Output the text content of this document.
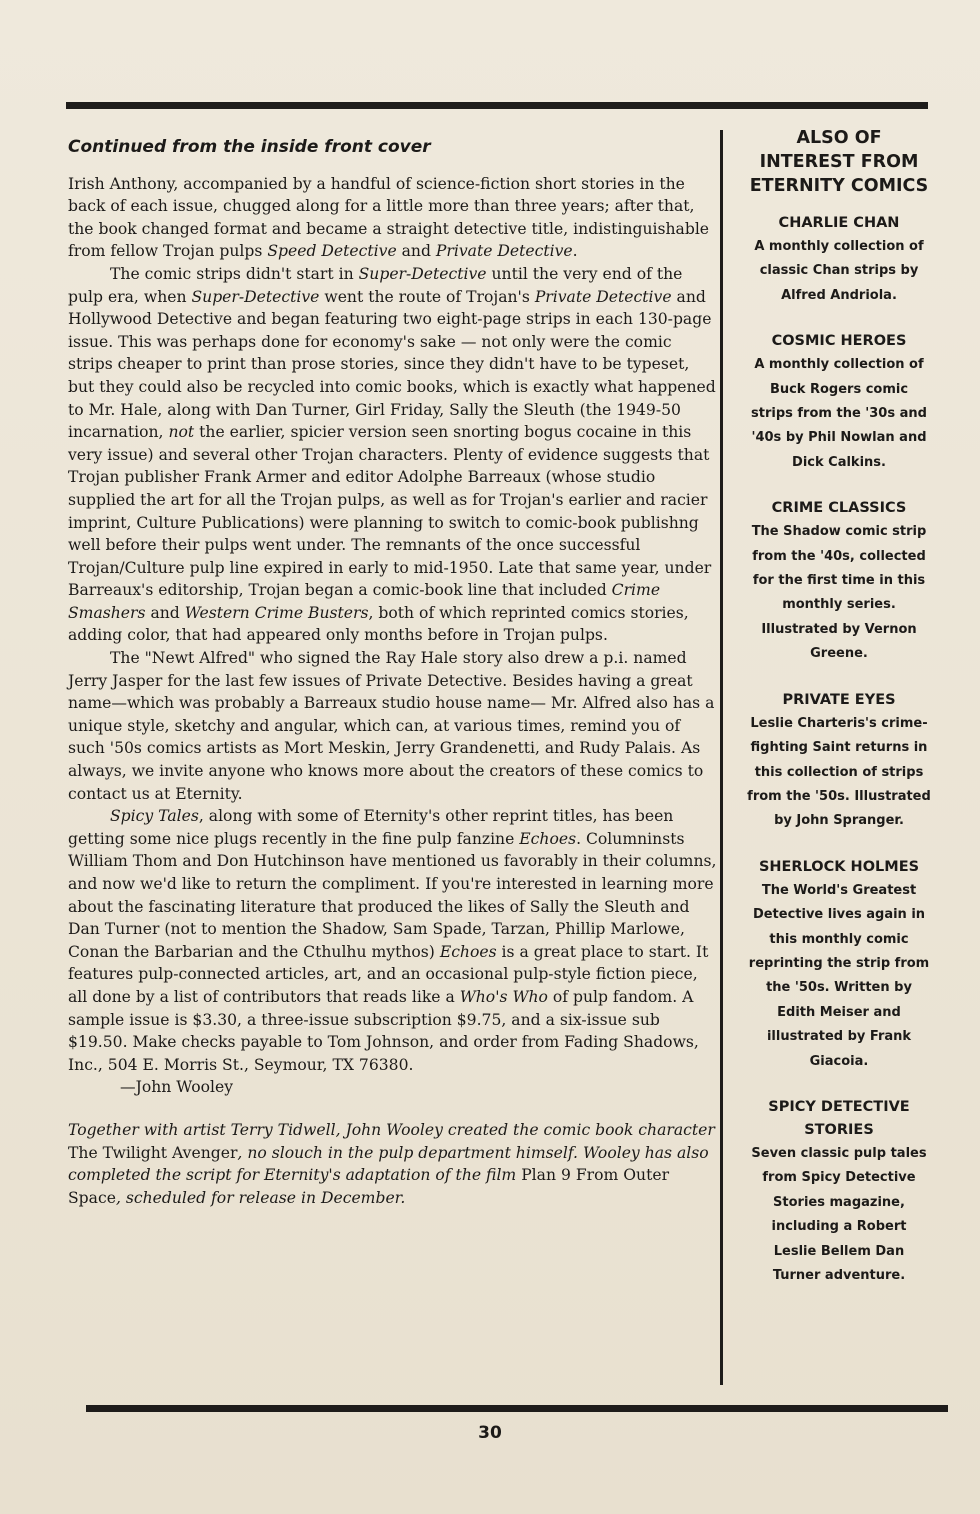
Continued from the inside front cover

Irish Anthony, accompanied by a handful of science-fiction short stories in the back of each issue, chugged along for a little more than three years; after that, the book changed format and became a straight detective title, indistinguishable from fellow Trojan pulps Speed Detective and Private Detective.

The comic strips didn't start in Super-Detective until the very end of the pulp era, when Super-Detective went the route of Trojan's Private Detective and Hollywood Detective and began featuring two eight-page strips in each 130-page issue. This was perhaps done for economy's sake — not only were the comic strips cheaper to print than prose stories, since they didn't have to be typeset, but they could also be recycled into comic books, which is exactly what happened to Mr. Hale, along with Dan Turner, Girl Friday, Sally the Sleuth (the 1949-50 incarnation, not the earlier, spicier version seen snorting bogus cocaine in this very issue) and several other Trojan characters. Plenty of evidence suggests that Trojan publisher Frank Armer and editor Adolphe Barreaux (whose studio supplied the art for all the Trojan pulps, as well as for Trojan's earlier and racier imprint, Culture Publications) were planning to switch to comic-book publishng well before their pulps went under. The remnants of the once successful Trojan/Culture pulp line expired in early to mid-1950. Late that same year, under Barreaux's editorship, Trojan began a comic-book line that included Crime Smashers and Western Crime Busters, both of which reprinted comics stories, adding color, that had appeared only months before in Trojan pulps.

The "Newt Alfred" who signed the Ray Hale story also drew a p.i. named Jerry Jasper for the last few issues of Private Detective. Besides having a great name—which was probably a Barreaux studio house name— Mr. Alfred also has a unique style, sketchy and angular, which can, at various times, remind you of such '50s comics artists as Mort Meskin, Jerry Grandenetti, and Rudy Palais. As always, we invite anyone who knows more about the creators of these comics to contact us at Eternity.

Spicy Tales, along with some of Eternity's other reprint titles, has been getting some nice plugs recently in the fine pulp fanzine Echoes. Columninsts William Thom and Don Hutchinson have mentioned us favorably in their columns, and now we'd like to return the compliment. If you're interested in learning more about the fascinating literature that produced the likes of Sally the Sleuth and Dan Turner (not to mention the Shadow, Sam Spade, Tarzan, Phillip Marlowe, Conan the Barbarian and the Cthulhu mythos) Echoes is a great place to start. It features pulp-connected articles, art, and an occasional pulp-style fiction piece, all done by a list of contributors that reads like a Who's Who of pulp fandom. A sample issue is $3.30, a three-issue subscription $9.75, and a six-issue sub $19.50. Make checks payable to Tom Johnson, and order from Fading Shadows, Inc., 504 E. Morris St., Seymour, TX 76380.

—John Wooley

Together with artist Terry Tidwell, John Wooley created the comic book character The Twilight Avenger, no slouch in the pulp department himself. Wooley has also completed the script for Eternity's adaptation of the film Plan 9 From Outer Space, scheduled for release in December.

ALSO OF
INTEREST FROM
ETERNITY COMICS
CHARLIE CHAN
A monthly collection of
classic Chan strips by
Alfred Andriola.
COSMIC HEROES
A monthly collection of
Buck Rogers comic
strips from the '30s and
'40s by Phil Nowlan and
Dick Calkins.
CRIME CLASSICS
The Shadow comic strip
from the '40s, collected
for the first time in this
monthly series.
Illustrated by Vernon
Greene.
PRIVATE EYES
Leslie Charteris's crime-
fighting Saint returns in
this collection of strips
from the '50s. Illustrated
by John Spranger.
SHERLOCK HOLMES
The World's Greatest
Detective lives again in
this monthly comic
reprinting the strip from
the '50s. Written by
Edith Meiser and
illustrated by Frank
Giacoia.
SPICY DETECTIVE
STORIES
Seven classic pulp tales
from Spicy Detective
Stories magazine,
including a Robert
Leslie Bellem Dan
Turner adventure.
30
